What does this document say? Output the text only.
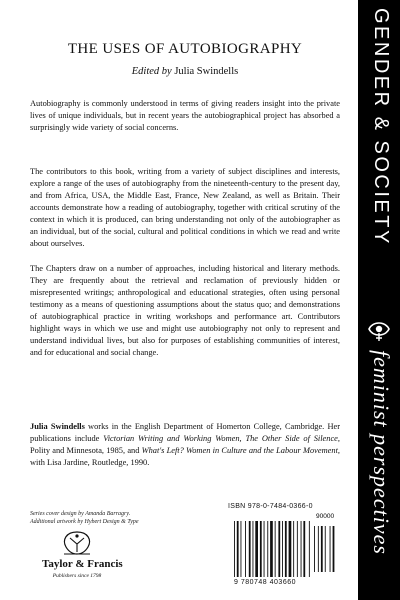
THE USES OF AUTOBIOGRAPHY
Edited by Julia Swindells

Autobiography is commonly understood in terms of giving readers insight into the private lives of unique individuals, but in recent years the autobiographical project has absorbed a surprisingly wide variety of social concerns.

The contributors to this book, writing from a variety of subject disciplines and interests, explore a range of the uses of autobiography from the nineteenth-century to the present day, and from Africa, USA, the Middle East, France, New Zealand, as well as Britain. Their accounts demonstrate how a reading of autobiography, together with critical scrutiny of the context in which it is produced, can bring understanding not only of the autobiographer as an individual, but of the social, cultural and political conditions in which we read and write about ourselves.

The Chapters draw on a number of approaches, including historical and literary methods. They are frequently about the retrieval and reclamation of previously hidden or misrepresented writings; anthropological and educational strategies, often using personal testimony as a means of questioning assumptions about the status quo; and demonstrations of autobiographical practice in writing workshops and performance art. Contributors highlight ways in which we use and might use autobiography not only to represent and understand individual lives, but also for purposes of establishing communities of interest, and for educational and social change.

Julia Swindells works in the English Department of Homerton College, Cambridge. Her publications include Victorian Writing and Working Women, The Other Side of Silence, Polity and Minnesota, 1985, and What's Left? Women in Culture and the Labour Movement, with Lisa Jardine, Routledge, 1990.

Series cover design by Amanda Barragry.
Additional artwork by Hybert Design & Type
Taylor & Francis
Publishers since 1798
ISBN 978-0-7484-0366-0
90000
9 780748 403660
GENDER & SOCIETY
feminist perspectives
